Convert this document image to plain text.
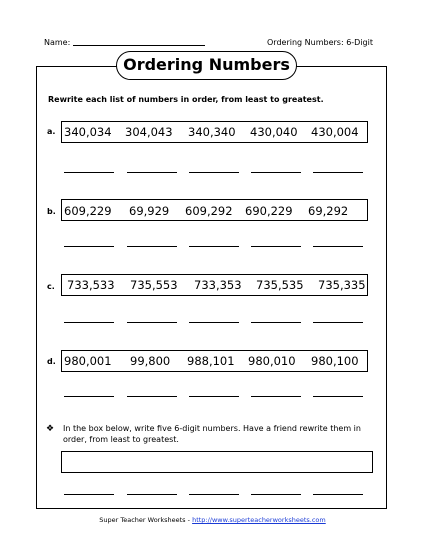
Name:	Ordering Numbers: 6-Digit
Ordering Numbers
Rewrite each list of numbers in order, from least to greatest.
a. 340,034 304,043 340,340 430,040 430,004
b. 609,229 69,929 609,292 690,229 69,292
c. 733,533 735,553 733,353 735,535 735,335
d. 980,001 99,800 988,101 980,010 980,100
❖ In the box below, write five 6-digit numbers. Have a friend rewrite them in order, from least to greatest.
Super Teacher Worksheets - http://www.superteacherworksheets.com
